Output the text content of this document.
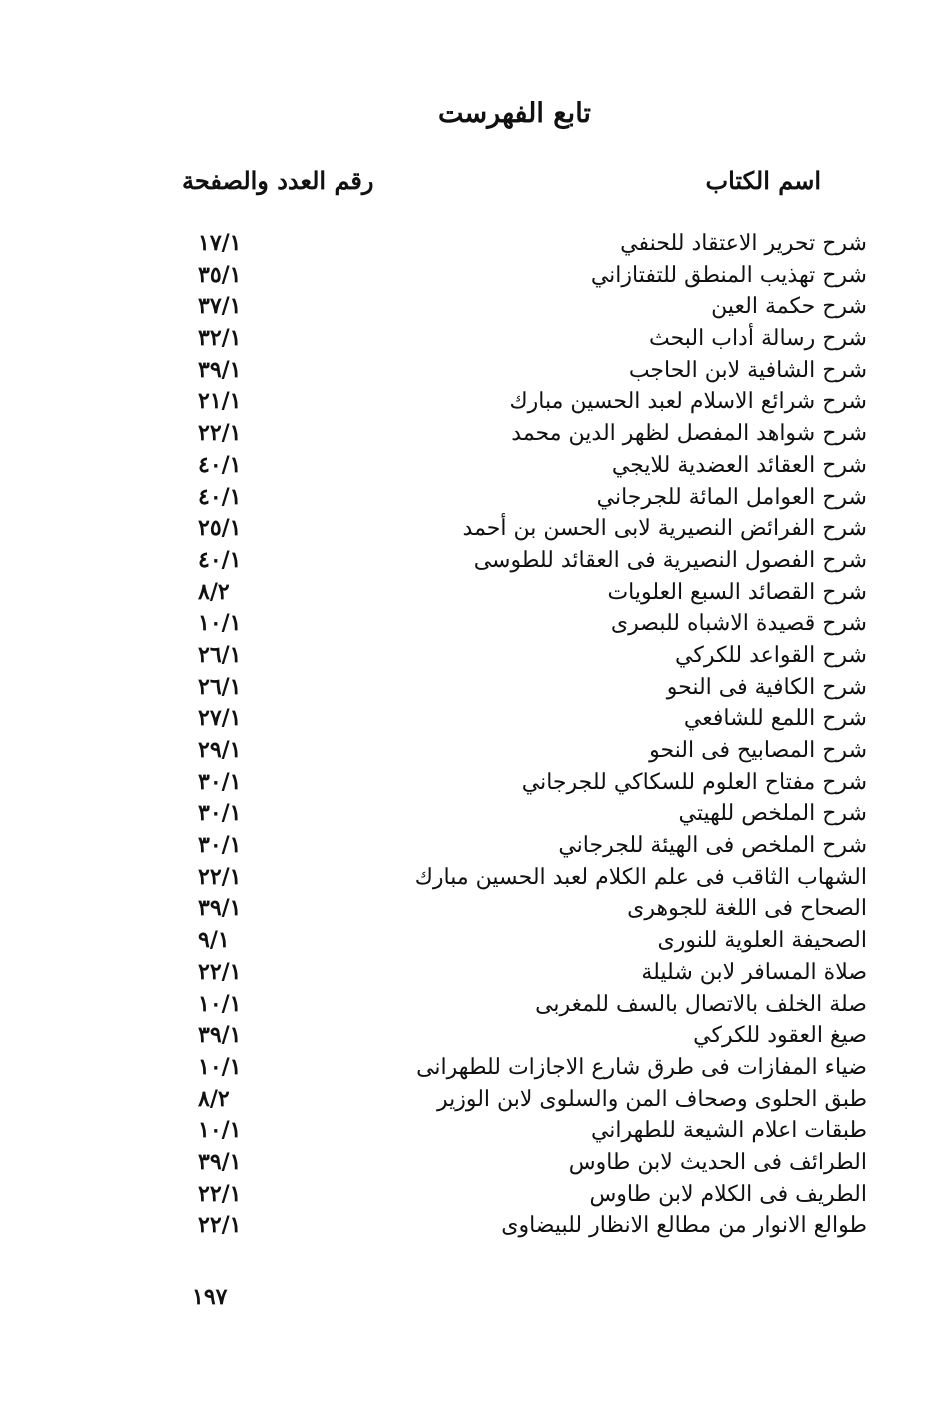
تابع الفهرست
اسم الكتاب
رقم العدد والصفحة
شرح تحرير الاعتقاد للحنفي
١٧/١
شرح تهذيب المنطق للتفتازاني
٣٥/١
شرح حكمة العين
٣٧/١
شرح رسالة أداب البحث
٣٢/١
شرح الشافية لابن الحاجب
٣٩/١
شرح شرائع الاسلام لعبد الحسين مبارك
٢١/١
شرح شواهد المفصل لظهر الدين محمد
٢٢/١
شرح العقائد العضدية للايجي
٤٠/١
شرح العوامل المائة للجرجاني
٤٠/١
شرح الفرائض النصيرية لابى الحسن بن أحمد
٢٥/١
شرح الفصول النصيرية فى العقائد للطوسى
٤٠/١
شرح القصائد السبع العلويات
٨/٢
شرح قصيدة الاشباه للبصرى
١٠/١
شرح القواعد للكركي
٢٦/١
شرح الكافية فى النحو
٢٦/١
شرح اللمع للشافعي
٢٧/١
شرح المصابيح فى النحو
٢٩/١
شرح مفتاح العلوم للسكاكي للجرجاني
٣٠/١
شرح الملخص للهيتي
٣٠/١
شرح الملخص فى الهيئة للجرجاني
٣٠/١
الشهاب الثاقب فى علم الكلام لعبد الحسين مبارك
٢٢/١
الصحاح فى اللغة للجوهرى
٣٩/١
الصحيفة العلوية للنورى
٩/١
صلاة المسافر لابن شليلة
٢٢/١
صلة الخلف بالاتصال بالسف للمغربى
١٠/١
صيغ العقود للكركي
٣٩/١
ضياء المفازات فى طرق شارع الاجازات للطهرانى
١٠/١
طبق الحلوى وصحاف المن والسلوى لابن الوزير
٨/٢
طبقات اعلام الشيعة للطهراني
١٠/١
الطرائف فى الحديث لابن طاوس
٣٩/١
الطريف فى الكلام لابن طاوس
٢٢/١
طوالع الانوار من مطالع الانظار للبيضاوى
٢٢/١
١٩٧
